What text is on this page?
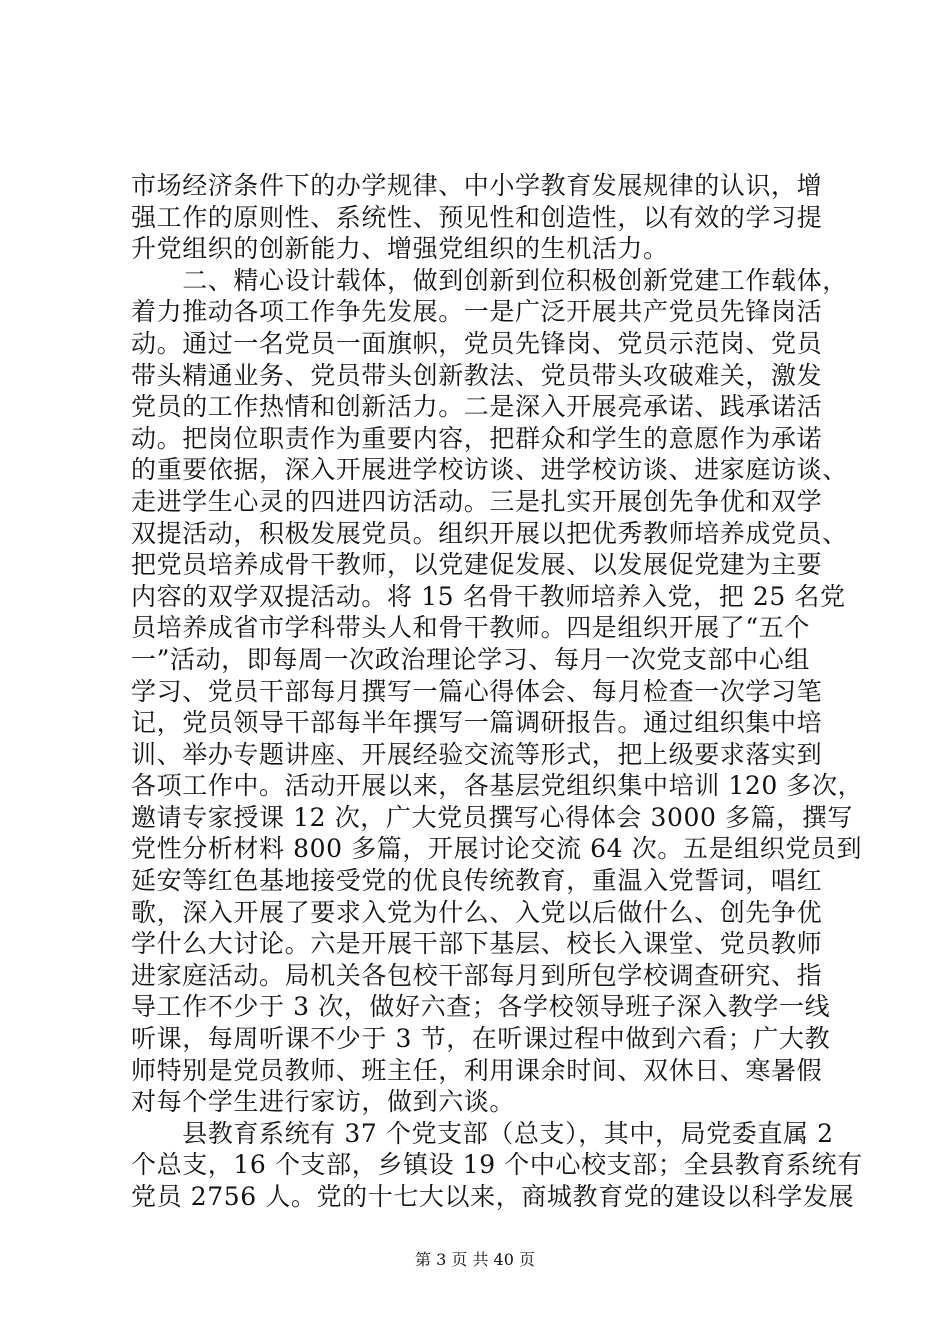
市场经济条件下的办学规律、中小学教育发展规律的认识，增
强工作的原则性、系统性、预见性和创造性，以有效的学习提
升党组织的创新能力、增强党组织的生机活力。
　　二、精心设计载体，做到创新到位积极创新党建工作载体，
着力推动各项工作争先发展。一是广泛开展共产党员先锋岗活
动。通过一名党员一面旗帜，党员先锋岗、党员示范岗、党员
带头精通业务、党员带头创新教法、党员带头攻破难关，激发
党员的工作热情和创新活力。二是深入开展亮承诺、践承诺活
动。把岗位职责作为重要内容，把群众和学生的意愿作为承诺
的重要依据，深入开展进学校访谈、进学校访谈、进家庭访谈、
走进学生心灵的四进四访活动。三是扎实开展创先争优和双学
双提活动，积极发展党员。组织开展以把优秀教师培养成党员、
把党员培养成骨干教师，以党建促发展、以发展促党建为主要
内容的双学双提活动。将 15 名骨干教师培养入党，把 25 名党
员培养成省市学科带头人和骨干教师。四是组织开展了“五个
一”活动，即每周一次政治理论学习、每月一次党支部中心组
学习、党员干部每月撰写一篇心得体会、每月检查一次学习笔
记，党员领导干部每半年撰写一篇调研报告。通过组织集中培
训、举办专题讲座、开展经验交流等形式，把上级要求落实到
各项工作中。活动开展以来，各基层党组织集中培训 120 多次，
邀请专家授课 12 次，广大党员撰写心得体会 3000 多篇，撰写
党性分析材料 800 多篇，开展讨论交流 64 次。五是组织党员到
延安等红色基地接受党的优良传统教育，重温入党誓词，唱红
歌，深入开展了要求入党为什么、入党以后做什么、创先争优
学什么大讨论。六是开展干部下基层、校长入课堂、党员教师
进家庭活动。局机关各包校干部每月到所包学校调查研究、指
导工作不少于 3 次，做好六查；各学校领导班子深入教学一线
听课，每周听课不少于 3 节，在听课过程中做到六看；广大教
师特别是党员教师、班主任，利用课余时间、双休日、寒暑假
对每个学生进行家访，做到六谈。
　　县教育系统有 37 个党支部（总支），其中，局党委直属 2
个总支，16 个支部，乡镇设 19 个中心校支部；全县教育系统有
党员 2756 人。党的十七大以来，商城教育党的建设以科学发展
第 3 页 共 40 页
